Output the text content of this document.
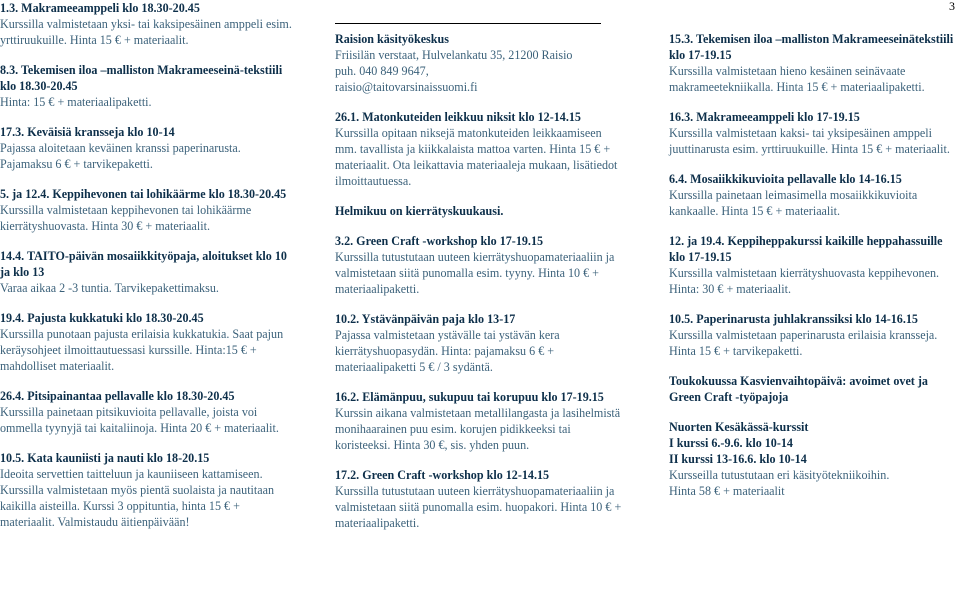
3
1.3. Makrameeamppeli klo 18.30-20.45
Kurssilla valmistetaan yksi- tai kaksipesäinen amppeli esim. yrttiruukuille. Hinta 15 € + materiaalit.
8.3. Tekemisen iloa –malliston Makrameeseinä-tekstiili klo 18.30-20.45
Hinta: 15 € + materiaalipaketti.
17.3. Keväisiä kransseja klo 10-14
Pajassa aloitetaan keväinen kranssi paperinarusta. Pajamaksu 6 € + tarvikepaketti.
5. ja 12.4. Keppihevonen tai lohikäärme klo 18.30-20.45
Kurssilla valmistetaan keppihevonen tai lohikäärme kierrätyshuovasta. Hinta 30 € + materiaalit.
14.4. TAITO-päivän mosaiikkityöpaja, aloitukset klo 10 ja klo 13
Varaa aikaa 2 -3 tuntia. Tarvikepakettimaksu.
19.4. Pajusta kukkatuki klo 18.30-20.45
Kurssilla punotaan pajusta erilaisia kukkatukia. Saat pajun keräysohjeet ilmoittautuessasi kurssille. Hinta:15 € + mahdolliset materiaalit.
26.4. Pitsipainantaa pellavalle klo 18.30-20.45
Kurssilla painetaan pitsikuvioita pellavalle, joista voi ommella tyynyjä tai kaitaliinoja. Hinta 20 € + materiaalit.
10.5. Kata kauniisti ja nauti klo 18-20.15
Ideoita servettien taitteluun ja kauniiseen kattamiseen. Kurssilla valmistetaan myös pientä suolaista ja nautitaan kaikilla aisteilla. Kurssi 3 oppituntia, hinta 15 € + materiaalit. Valmistaudu äitienpäivään!
Raision käsityökeskus
Friisilän verstaat, Hulvelankatu 35, 21200 Raisio
puh. 040 849 9647,
raisio@taitovarsinaissuomi.fi
26.1. Matonkuteiden leikkuu niksit klo 12-14.15
Kurssilla opitaan niksejä matonkuteiden leikkaamiseen mm. tavallista ja kiikkalaista mattoa varten. Hinta 15 € + materiaalit. Ota leikattavia materiaaleja mukaan, lisätiedot ilmoittautuessa.
Helmikuu on kierrätyskuukausi.
3.2. Green Craft -workshop klo 17-19.15
Kurssilla tutustutaan uuteen kierrätyshuopamateriaaliin ja valmistetaan siitä punomalla esim. tyyny. Hinta 10 € + materiaalipaketti.
10.2. Ystävänpäivän paja klo 13-17
Pajassa valmistetaan ystävälle tai ystävän kera kierrätyshuopasydän. Hinta: pajamaksu 6 € + materiaalipaketti 5 € / 3 sydäntä.
16.2. Elämänpuu, sukupuu tai korupuu klo 17-19.15
Kurssin aikana valmistetaan metallilangasta ja lasihelmistä monihaarainen puu esim. korujen pidikkeeksi tai koristeeksi. Hinta 30 €, sis. yhden puun.
17.2. Green Craft -workshop klo 12-14.15
Kurssilla tutustutaan uuteen kierrätyshuopamateriaaliin ja valmistetaan siitä punomalla esim. huopakori. Hinta 10 € + materiaalipaketti.
15.3. Tekemisen iloa –malliston Makrameeseinätekstiili klo 17-19.15
Kurssilla valmistetaan hieno kesäinen seinävaate makrameetekniikalla. Hinta 15 € + materiaalipaketti.
16.3. Makrameeamppeli klo 17-19.15
Kurssilla valmistetaan kaksi- tai yksipesäinen amppeli juuttinarusta esim. yrttiruukuille. Hinta 15 € + materiaalit.
6.4. Mosaiikkikuvioita pellavalle klo 14-16.15
Kurssilla painetaan leimasimella mosaiikkikuvioita kankaalle. Hinta 15 € + materiaalit.
12. ja 19.4. Keppiheppakurssi kaikille heppahassuille klo 17-19.15
Kurssilla valmistetaan kierrätyshuovasta keppihevonen. Hinta: 30 € + materiaalit.
10.5. Paperinarusta juhlakranssiksi klo 14-16.15
Kurssilla valmistetaan paperinarusta erilaisia kransseja. Hinta 15 € + tarvikepaketti.
Toukokuussa Kasvienvaihtopäivä: avoimet ovet ja Green Craft -työpajoja
Nuorten Kesäkässä-kurssit
I kurssi 6.-9.6. klo 10-14
II kurssi 13-16.6. klo 10-14
Kursseilla tutustutaan eri käsityötekniikoihin.
Hinta 58 € + materiaalit
